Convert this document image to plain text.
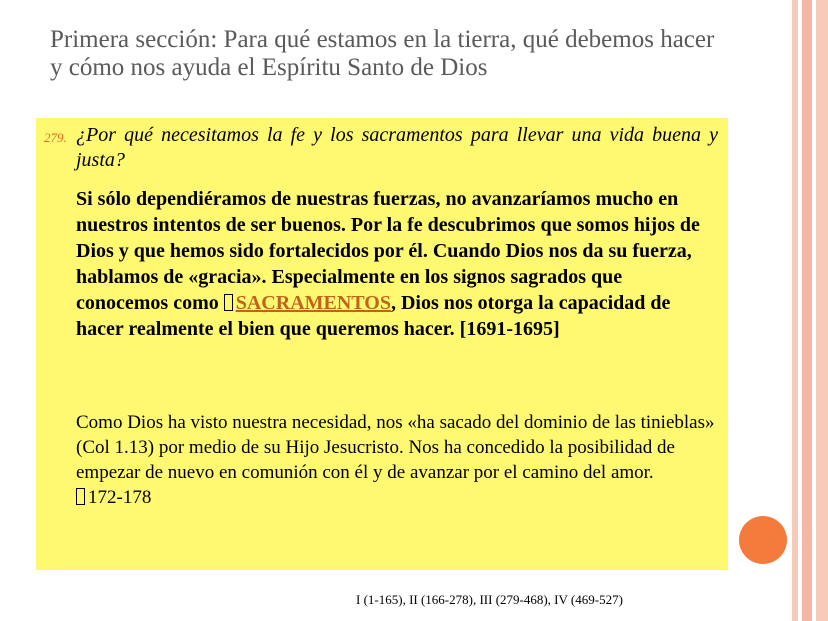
Primera sección: Para qué estamos en la tierra, qué debemos hacer y cómo nos ayuda el Espíritu Santo de Dios
279. ¿Por qué necesitamos la fe y los sacramentos para llevar una vida buena y justa?
Si sólo dependiéramos de nuestras fuerzas, no avanzaríamos mucho en nuestros intentos de ser buenos. Por la fe descubrimos que somos hijos de Dios y que hemos sido fortalecidos por él. Cuando Dios nos da su fuerza, hablamos de «gracia». Especialmente en los signos sagrados que conocemos como SACRAMENTOS, Dios nos otorga la capacidad de hacer realmente el bien que queremos hacer. [1691-1695]
Como Dios ha visto nuestra necesidad, nos «ha sacado del dominio de las tinieblas» (Col 1.13) por medio de su Hijo Jesucristo. Nos ha concedido la posibilidad de empezar de nuevo en comunión con él y de avanzar por el camino del amor.
172-178
I (1-165), II (166-278), III (279-468), IV (469-527)
